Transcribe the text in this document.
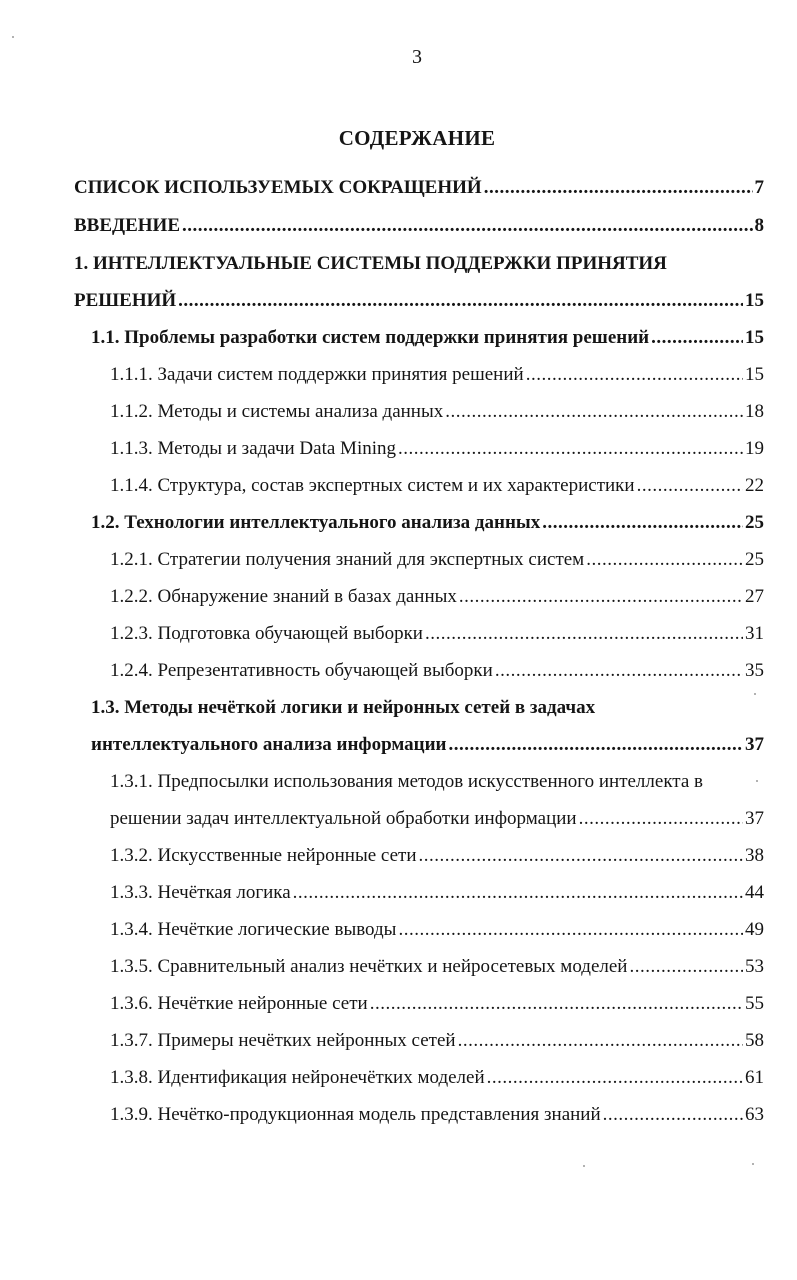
3
СОДЕРЖАНИЕ
СПИСОК ИСПОЛЬЗУЕМЫХ СОКРАЩЕНИЙ .....	7
ВВЕДЕНИЕ .....	8
1. ИНТЕЛЛЕКТУАЛЬНЫЕ СИСТЕМЫ ПОДДЕРЖКИ ПРИНЯТИЯ
РЕШЕНИЙ .....	15
1.1. Проблемы разработки систем поддержки принятия решений .....	15
1.1.1. Задачи систем поддержки принятия решений .....	15
1.1.2. Методы и системы анализа данных .....	18
1.1.3. Методы и задачи Data Mining .....	19
1.1.4. Структура, состав экспертных систем и их характеристики .....	22
1.2. Технологии интеллектуального анализа данных .....	25
1.2.1. Стратегии получения знаний для экспертных систем .....	25
1.2.2. Обнаружение знаний в базах данных .....	27
1.2.3. Подготовка обучающей выборки .....	31
1.2.4. Репрезентативность обучающей выборки .....	35
1.3. Методы нечёткой логики и нейронных сетей в задачах
интеллектуального анализа информации .....	37
1.3.1. Предпосылки использования методов искусственного интеллекта в
решении задач интеллектуальной обработки информации .....	37
1.3.2. Искусственные нейронные сети .....	38
1.3.3. Нечёткая логика .....	44
1.3.4. Нечёткие логические выводы .....	49
1.3.5. Сравнительный анализ нечётких и нейросетевых моделей .....	53
1.3.6. Нечёткие нейронные сети .....	55
1.3.7. Примеры нечётких нейронных сетей .....	58
1.3.8. Идентификация нейронечётких моделей .....	61
1.3.9. Нечётко-продукционная модель представления знаний .....	63
